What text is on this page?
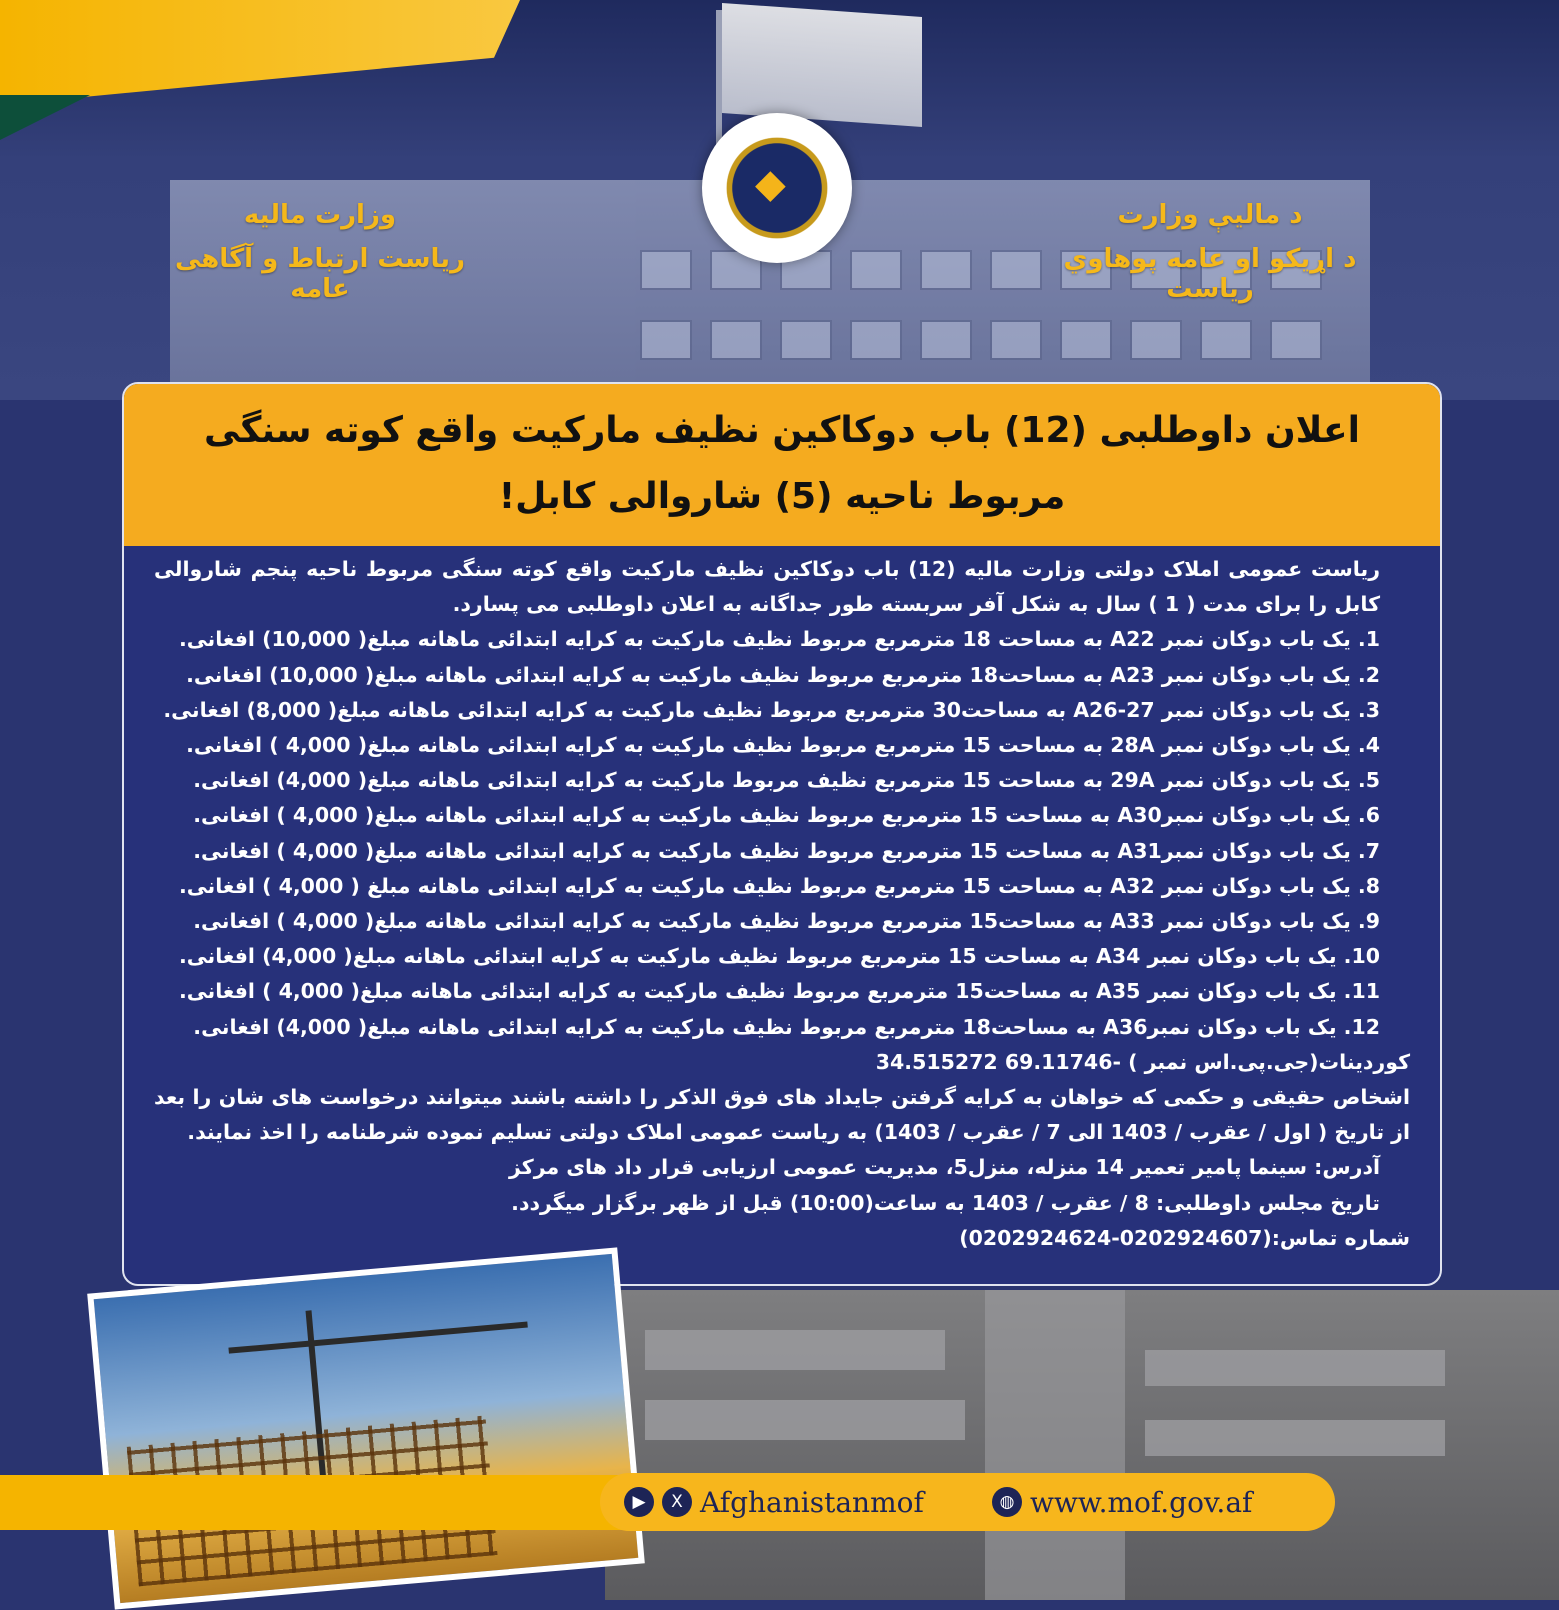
◆
وزارت مالیه
ریاست ارتباط و آگاهی عامه
د مالیې وزارت
د اړیکو او عامه پوهاوي ریاست
اعلان داوطلبی (12) باب دوکاکین نظیف مارکیت واقع کوته سنگی مربوط ناحیه (5) شاروالی کابل!

ریاست عمومی املاک دولتی وزارت مالیه (12) باب دوکاکین نظیف مارکیت واقع کوته سنگی مربوط ناحیه پنجم شاروالی کابل را برای مدت ( 1 ) سال به شکل آفر سربسته طور جداگانه به اعلان داوطلبی می پسارد.

1. یک باب دوکان نمبر A22 به مساحت 18 مترمربع مربوط نظیف مارکیت به کرایه ابتدائی ماهانه مبلغ( 10,000) افغانی.

2. یک باب دوکان نمبر A23 به مساحت18 مترمربع مربوط نظیف مارکیت به کرایه ابتدائی ماهانه مبلغ( 10,000) افغانی.

3. یک باب دوکان نمبر A26-27 به مساحت30 مترمربع مربوط نظیف مارکیت به کرایه ابتدائی ماهانه مبلغ( 8,000) افغانی.

4. یک باب دوکان نمبر 28A به مساحت 15 مترمربع مربوط نظیف مارکیت به کرایه ابتدائی ماهانه مبلغ( 4,000 ) افغانی.

5. یک باب دوکان نمبر 29A به مساحت 15 مترمربع نظیف مربوط مارکیت به کرایه ابتدائی ماهانه مبلغ( 4,000) افغانی.

6. یک باب دوکان نمبرA30 به مساحت 15 مترمربع مربوط نظیف مارکیت به کرایه ابتدائی ماهانه مبلغ( 4,000 ) افغانی.

7. یک باب دوکان نمبرA31 به مساحت 15 مترمربع مربوط نظیف مارکیت به کرایه ابتدائی ماهانه مبلغ( 4,000 ) افغانی.

8. یک باب دوکان نمبر A32 به مساحت 15 مترمربع مربوط نظیف مارکیت به کرایه ابتدائی ماهانه مبلغ ( 4,000 ) افغانی.

9. یک باب دوکان نمبر A33 به مساحت15 مترمربع مربوط نظیف مارکیت به کرایه ابتدائی ماهانه مبلغ( 4,000 ) افغانی.

10. یک باب دوکان نمبر A34 به مساحت 15 مترمربع مربوط نظیف مارکیت به کرایه ابتدائی ماهانه مبلغ( 4,000) افغانی.

11. یک باب دوکان نمبر A35 به مساحت15 مترمربع مربوط نظیف مارکیت به کرایه ابتدائی ماهانه مبلغ( 4,000 ) افغانی.

12. یک باب دوکان نمبرA36 به مساحت18 مترمربع مربوط نظیف مارکیت به کرایه ابتدائی ماهانه مبلغ( 4,000) افغانی.

کوردینات(جی.پی.اس نمبر ) -69.11746 34.515272

اشخاص حقیقی و حکمی که خواهان به کرایه گرفتن جایداد های فوق الذکر را داشته باشند میتوانند درخواست های شان را بعد از تاریخ ( اول / عقرب / 1403 الی 7 / عقرب / 1403) به ریاست عمومی املاک دولتی تسلیم نموده شرطنامه را اخذ نمایند.

آدرس: سینما پامیر تعمیر 14 منزله، منزل5، مدیریت عمومی ارزیابی قرار داد های مرکز

تاریخ مجلس داوطلبی: 8 / عقرب / 1403 به ساعت(10:00) قبل از ظهر برگزار میگردد.

شماره تماس:(0202924607-0202924624)

▶	X Afghanistanmof	◍ www.mof.gov.af
